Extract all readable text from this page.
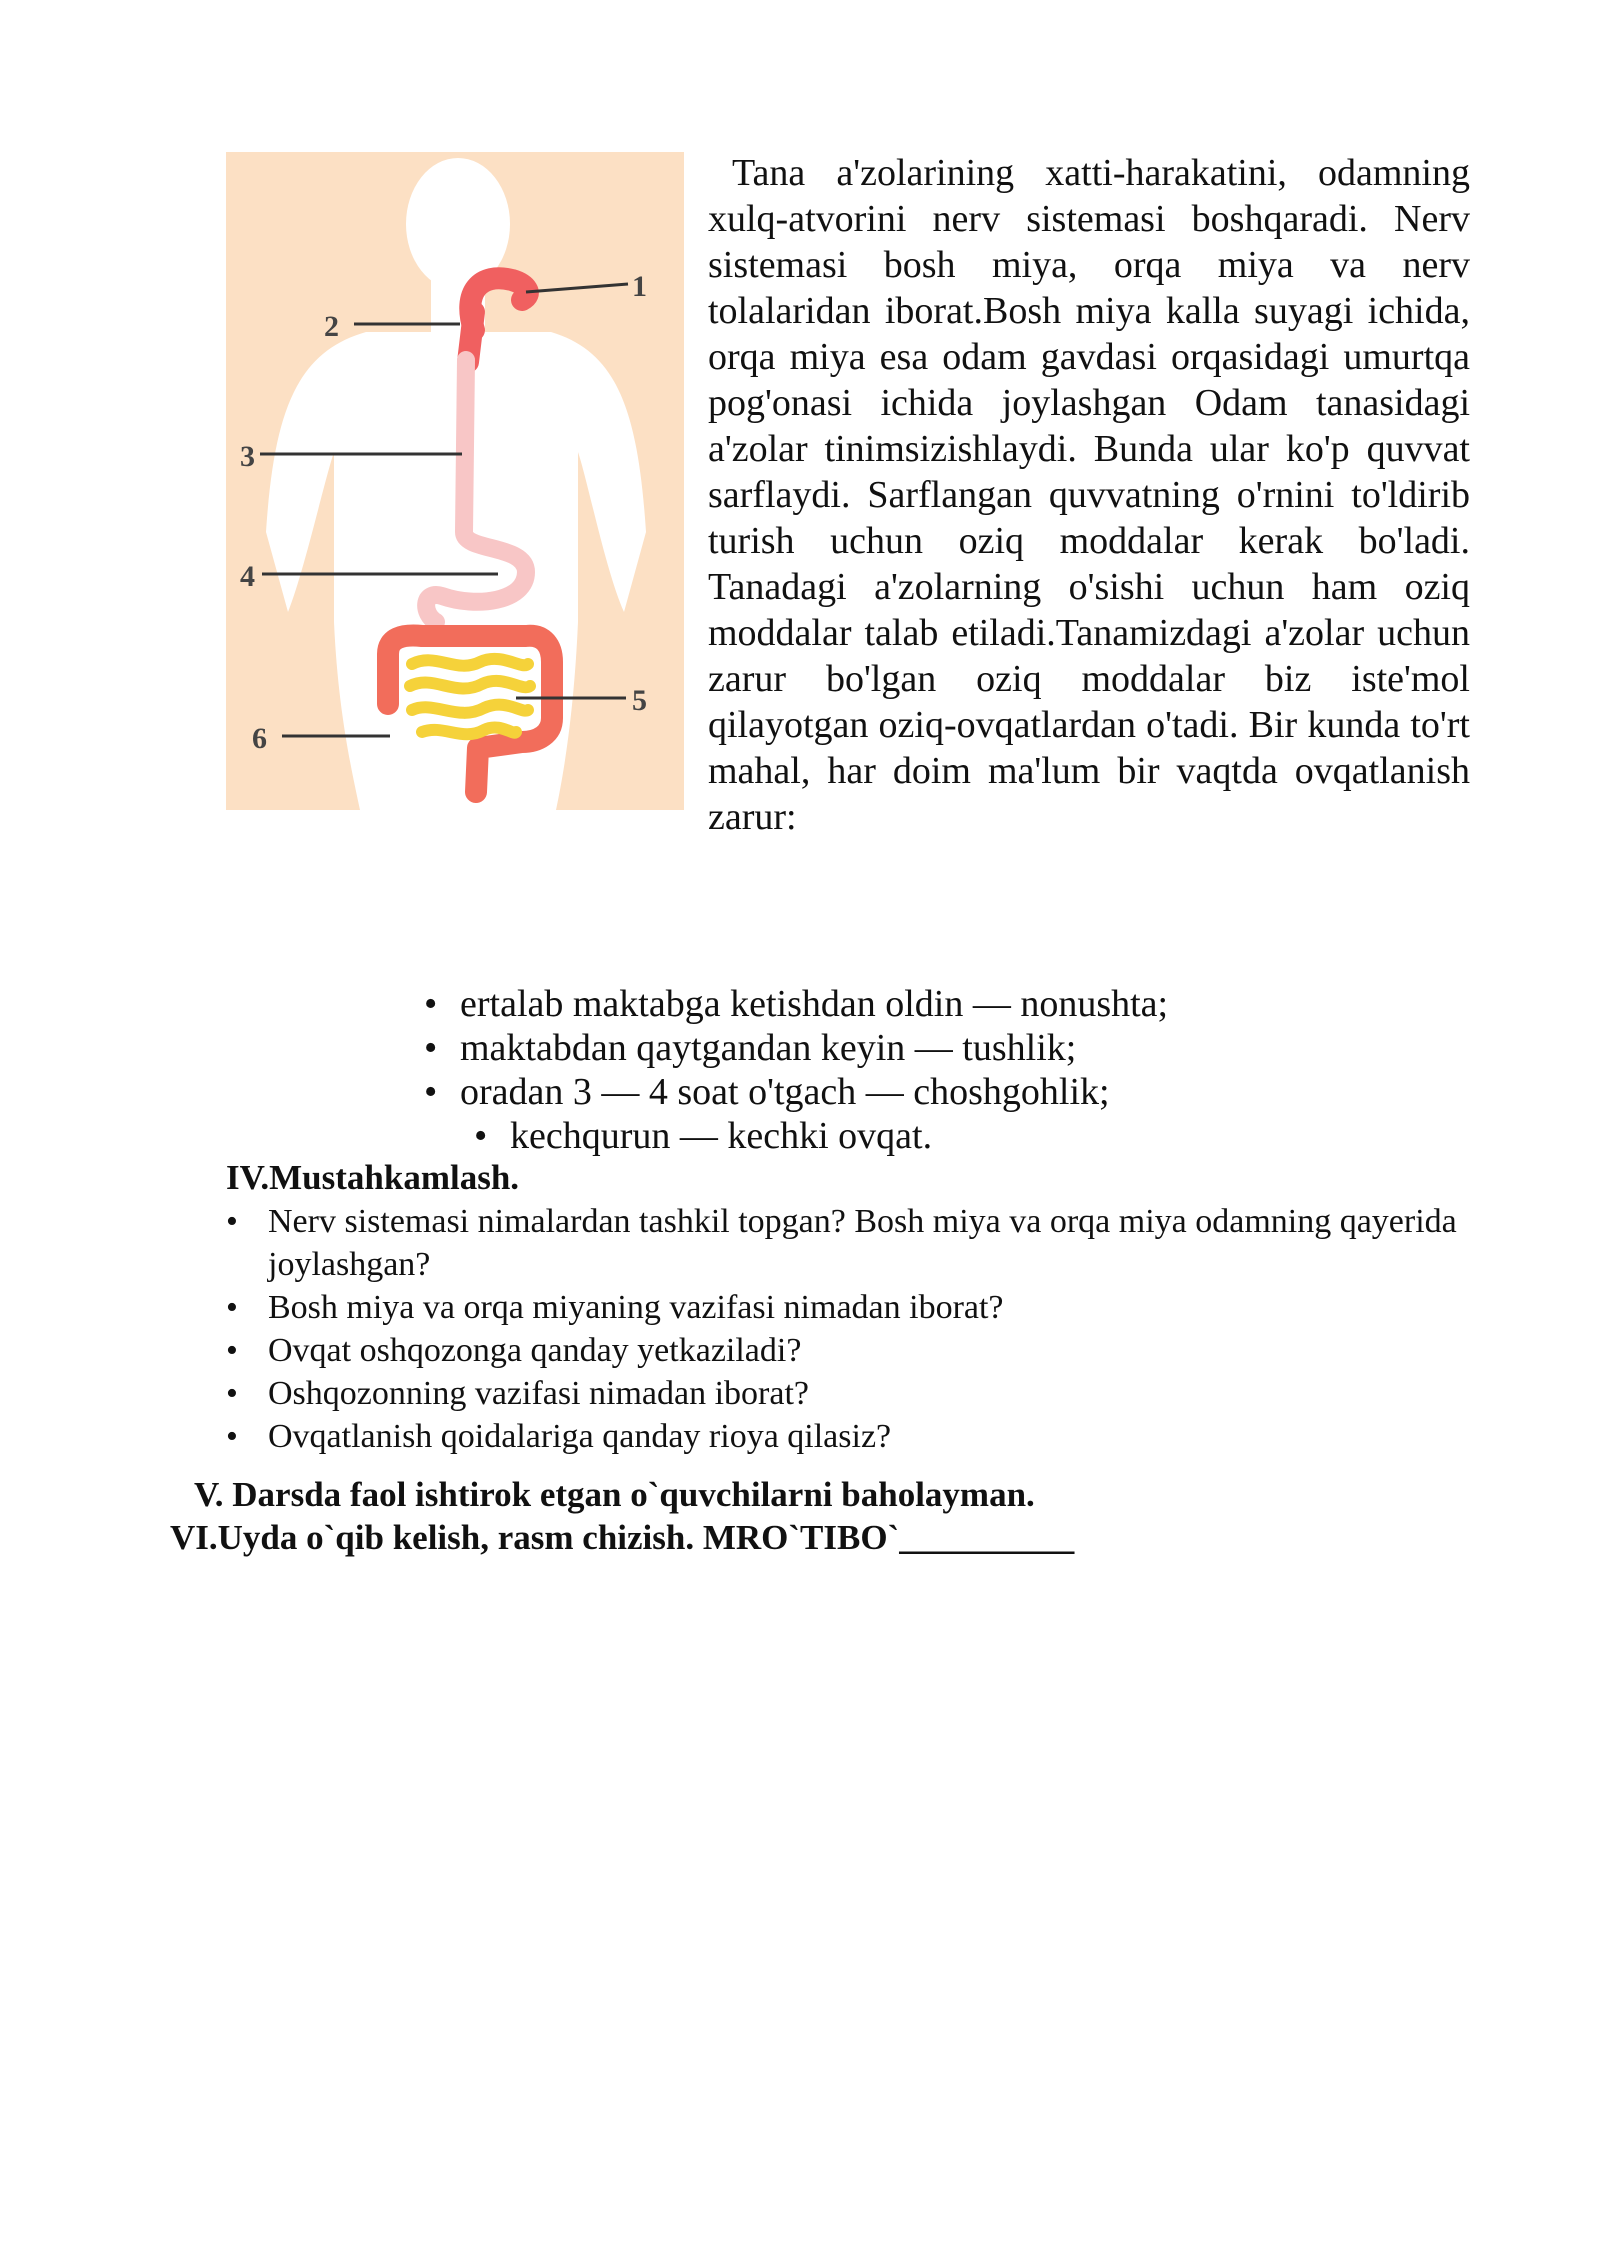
1
2
3
4
5
6

Tana a'zolarining xatti-harakatini, odamning xulq-atvorini nerv sistemasi boshqaradi. Nerv sistemasi bosh miya, orqa miya va nerv tolalaridan iborat.Bosh miya kalla suyagi ichida, orqa miya esa odam gavdasi orqasidagi umurtqa pog'onasi ichida joylashgan Odam tanasidagi a'zolar tinimsizishlaydi. Bunda ular ko'p quvvat sarflaydi. Sarflangan quvvatning o'rnini to'ldirib turish uchun oziq moddalar kerak bo'ladi. Tanadagi a'zolarning o'sishi uchun ham oziq moddalar talab etiladi.Tanamizdagi a'zolar uchun zarur bo'lgan oziq moddalar biz iste'mol qilayotgan oziq-ovqatlardan o'tadi. Bir kunda to'rt mahal, har doim ma'lum bir vaqtda ovqatlanish zarur:

• ertalab maktabga ketishdan oldin — nonushta;
• maktabdan qaytgandan keyin — tushlik;
• oradan 3 — 4 soat o'tgach — choshgohlik;
• kechqurun — kechki ovqat.
IV.Mustahkamlash.
• Nerv sistemasi nimalardan tashkil topgan? Bosh miya va orqa miya odamning qayerida joylashgan?
• Bosh miya va orqa miyaning vazifasi nimadan iborat?
• Ovqat oshqozonga qanday yetkaziladi?
• Oshqozonning vazifasi nimadan iborat?
• Ovqatlanish qoidalariga qanday rioya qilasiz?
V. Darsda faol ishtirok etgan o`quvchilarni baholayman.
VI.Uyda o`qib kelish, rasm chizish. MRO`TIBO`__________
